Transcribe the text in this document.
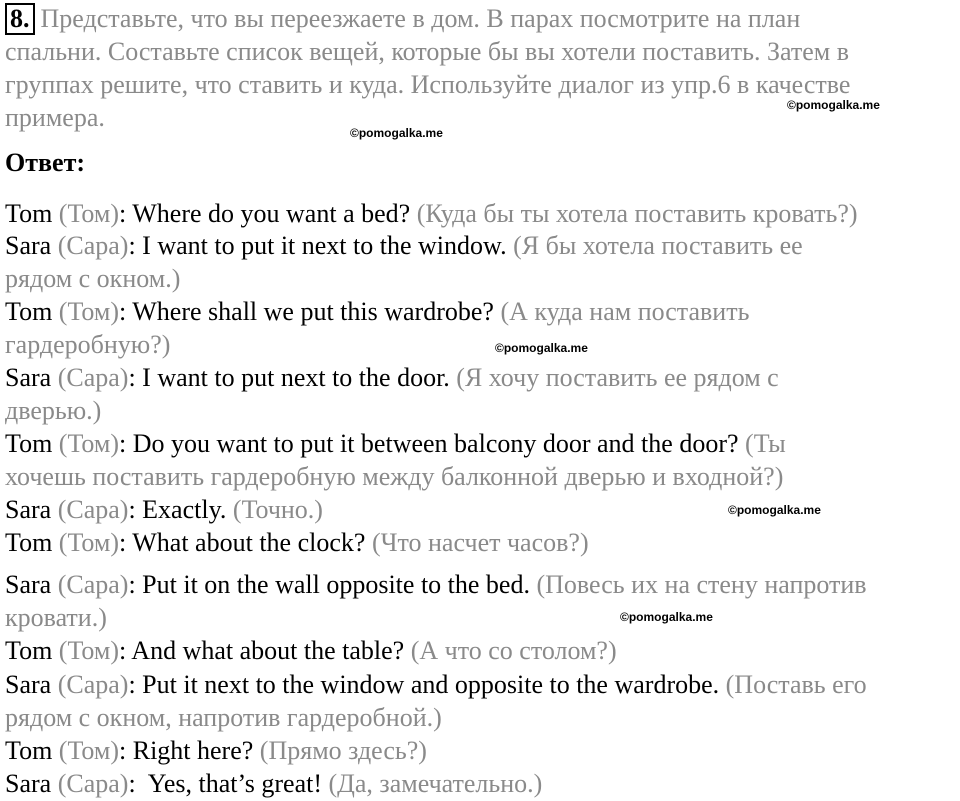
8. Представьте, что вы переезжаете в дом. В парах посмотрите на план
спальни. Составьте список вещей, которые бы вы хотели поставить. Затем в
группах решите, что ставить и куда. Используйте диалог из упр.6 в качестве
примера.	©pomogalka.me
©pomogalka.me
Ответ:
Tom (Том): Where do you want a bed? (Куда бы ты хотела поставить кровать?)
Sara (Сара): I want to put it next to the window. (Я бы хотела поставить ее
рядом с окном.)
Tom (Том): Where shall we put this wardrobe? (А куда нам поставить
гардеробную?)	©pomogalka.me
Sara (Сара): I want to put next to the door. (Я хочу поставить ее рядом с
дверью.)
Tom (Том): Do you want to put it between balcony door and the door? (Ты
хочешь поставить гардеробную между балконной дверью и входной?)
Sara (Сара): Exactly. (Точно.)	©pomogalka.me
Tom (Том): What about the clock? (Что насчет часов?)
Sara (Сара): Put it on the wall opposite to the bed. (Повесь их на стену напротив
кровати.)	©pomogalka.me
Tom (Том): And what about the table? (А что со столом?)
Sara (Сара): Put it next to the window and opposite to the wardrobe. (Поставь его
рядом с окном, напротив гардеробной.)
Tom (Том): Right here? (Прямо здесь?)
Sara (Сара):  Yes, that’s great! (Да, замечательно.)
